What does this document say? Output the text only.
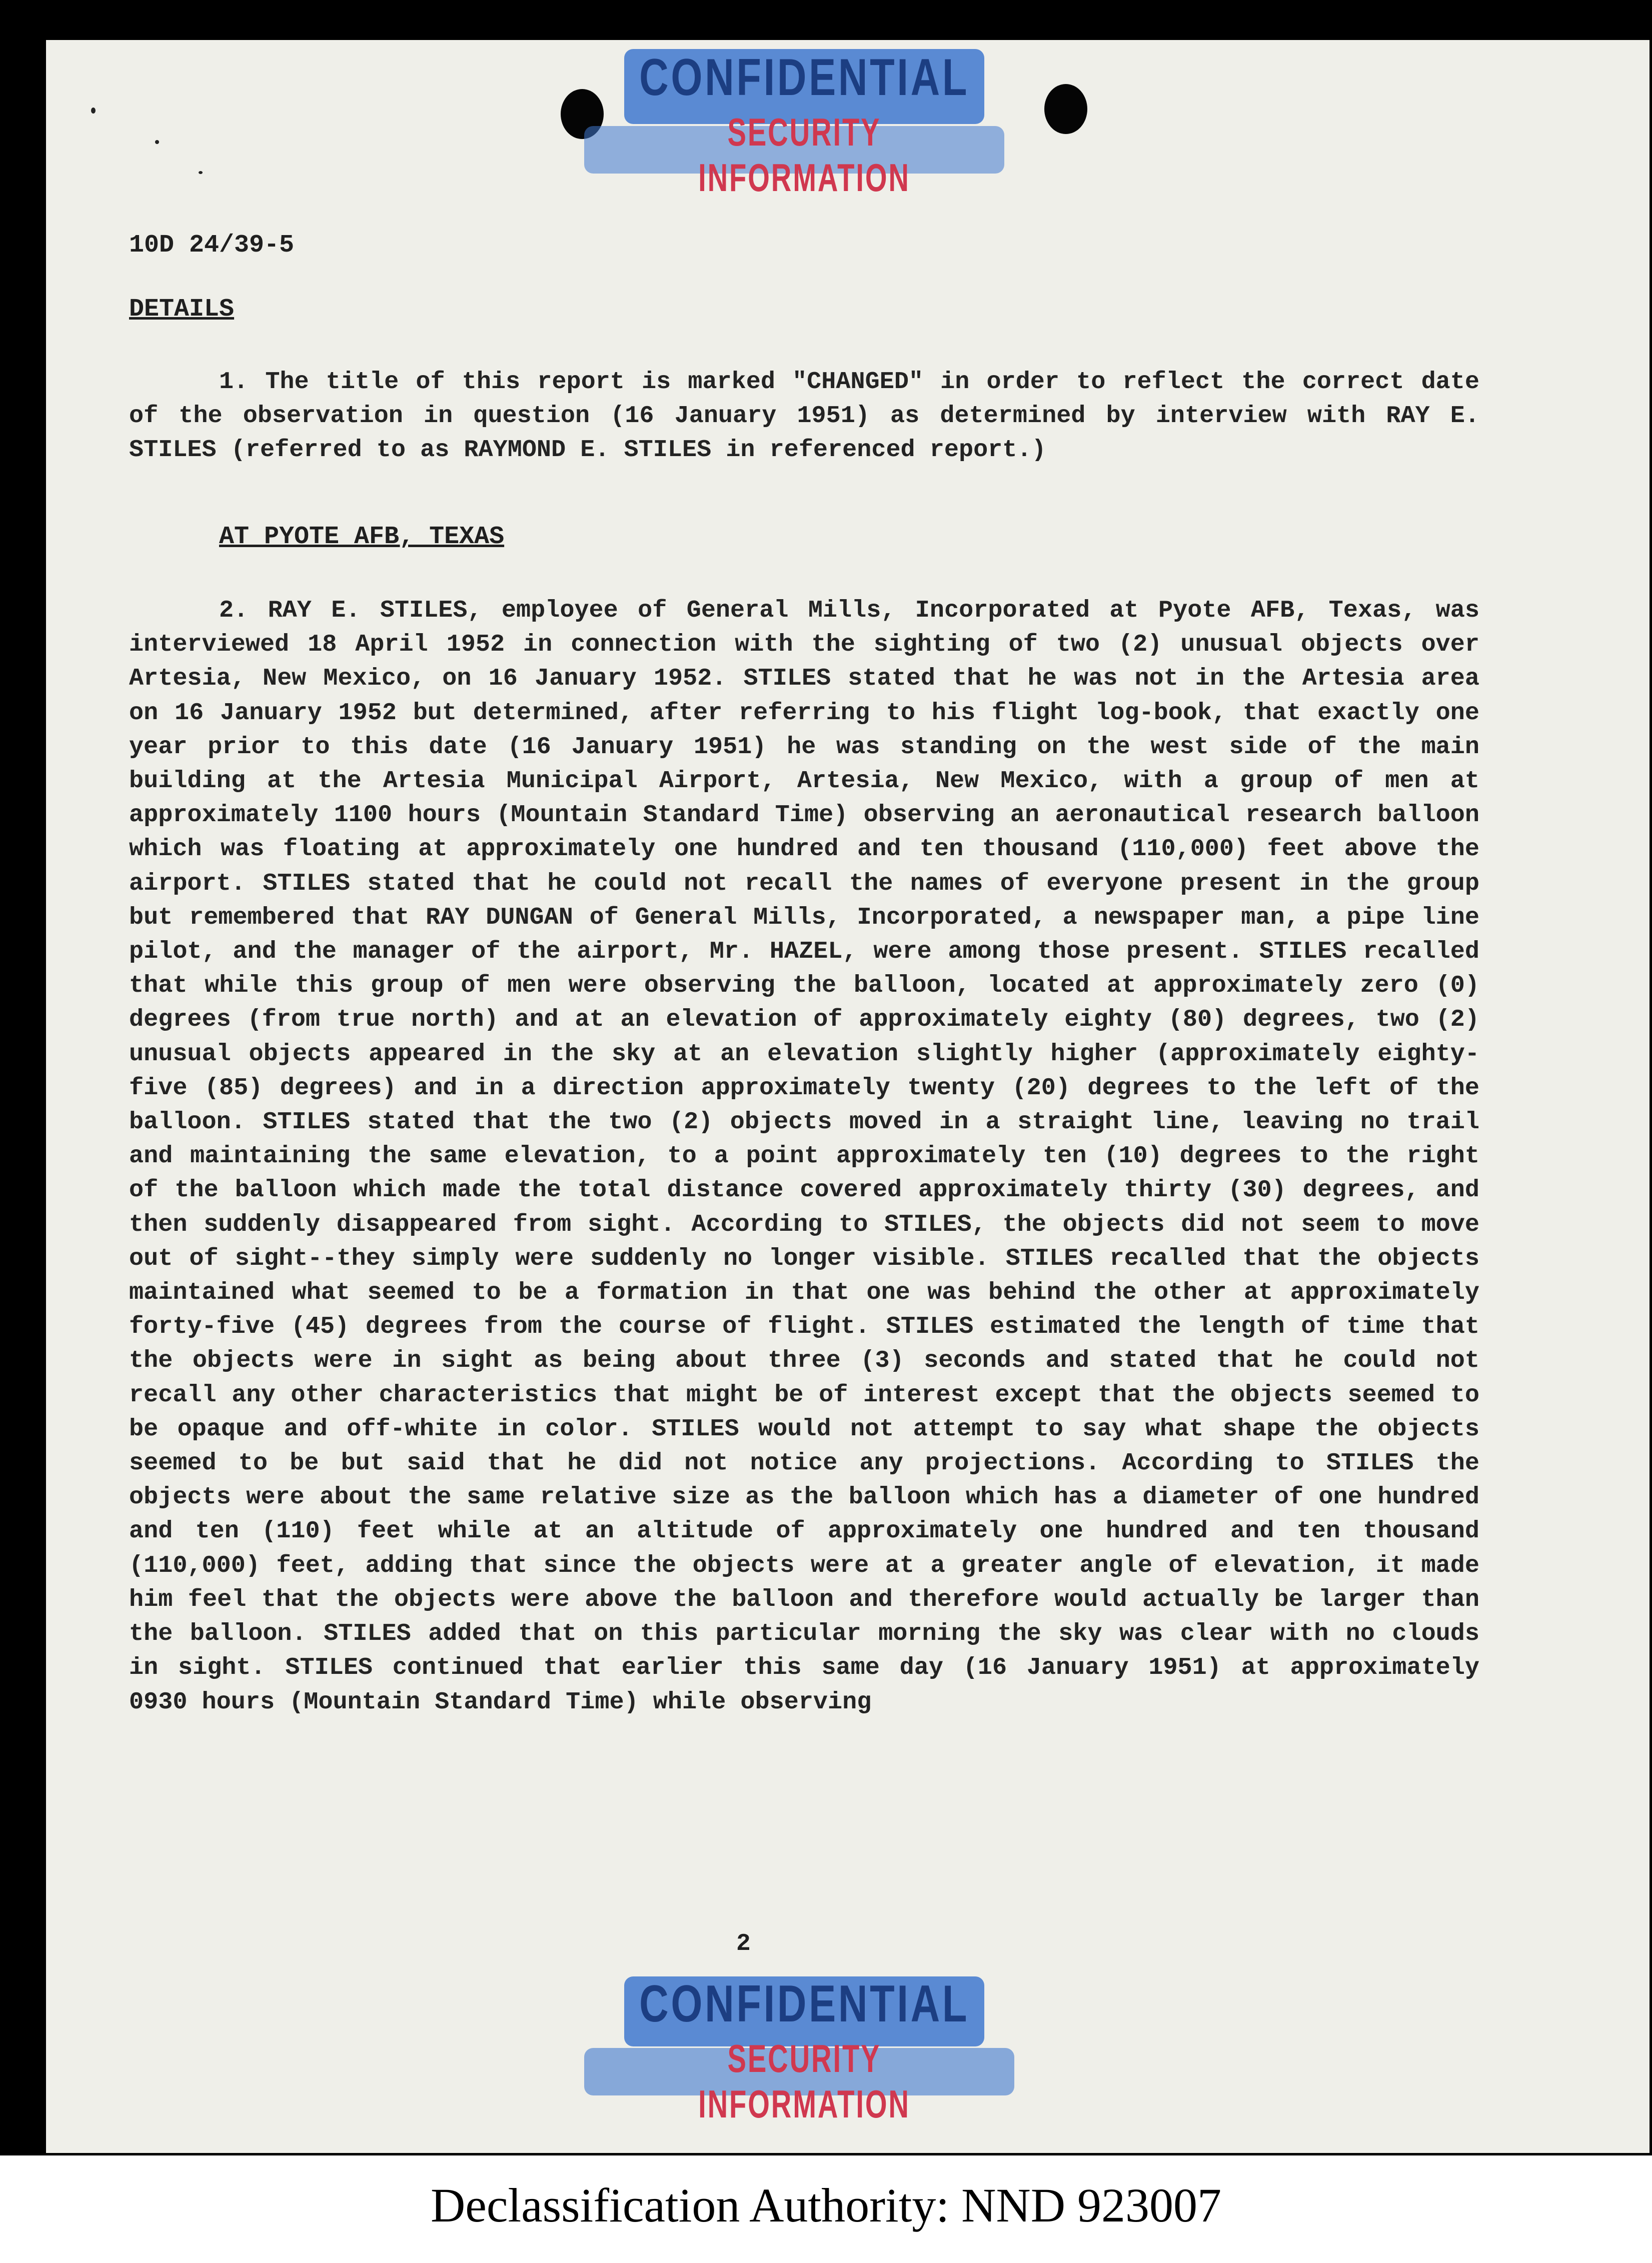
CONFIDENTIAL
SECURITY INFORMATION
10D 24/39-5
DETAILS
1. The title of this report is marked "CHANGED" in order to reflect the correct date of the observation in question (16 January 1951) as determined by interview with RAY E. STILES (referred to as RAYMOND E. STILES in referenced report.)
AT PYOTE AFB, TEXAS
2. RAY E. STILES, employee of General Mills, Incorporated at Pyote AFB, Texas, was interviewed 18 April 1952 in connection with the sighting of two (2) unusual objects over Artesia, New Mexico, on 16 January 1952. STILES stated that he was not in the Artesia area on 16 January 1952 but determined, after referring to his flight log-book, that exactly one year prior to this date (16 January 1951) he was standing on the west side of the main building at the Artesia Municipal Airport, Artesia, New Mexico, with a group of men at approximately 1100 hours (Mountain Standard Time) observing an aeronautical research balloon which was floating at approximately one hundred and ten thousand (110,000) feet above the airport. STILES stated that he could not recall the names of everyone present in the group but remembered that RAY DUNGAN of General Mills, Incorporated, a newspaper man, a pipe line pilot, and the manager of the airport, Mr. HAZEL, were among those present. STILES recalled that while this group of men were observing the balloon, located at approximately zero (0) degrees (from true north) and at an elevation of approximately eighty (80) degrees, two (2) unusual objects appeared in the sky at an elevation slightly higher (approximately eighty-five (85) degrees) and in a direction approximately twenty (20) degrees to the left of the balloon. STILES stated that the two (2) objects moved in a straight line, leaving no trail and maintaining the same elevation, to a point approximately ten (10) degrees to the right of the balloon which made the total distance covered approximately thirty (30) degrees, and then suddenly disappeared from sight. According to STILES, the objects did not seem to move out of sight--they simply were suddenly no longer visible. STILES recalled that the objects maintained what seemed to be a formation in that one was behind the other at approximately forty-five (45) degrees from the course of flight. STILES estimated the length of time that the objects were in sight as being about three (3) seconds and stated that he could not recall any other characteristics that might be of interest except that the objects seemed to be opaque and off-white in color. STILES would not attempt to say what shape the objects seemed to be but said that he did not notice any projections. According to STILES the objects were about the same relative size as the balloon which has a diameter of one hundred and ten (110) feet while at an altitude of approximately one hundred and ten thousand (110,000) feet, adding that since the objects were at a greater angle of elevation, it made him feel that the objects were above the balloon and therefore would actually be larger than the balloon. STILES added that on this particular morning the sky was clear with no clouds in sight. STILES continued that earlier this same day (16 January 1951) at approximately 0930 hours (Mountain Standard Time) while observing
2
CONFIDENTIAL
SECURITY INFORMATION
Declassification Authority: NND 923007
